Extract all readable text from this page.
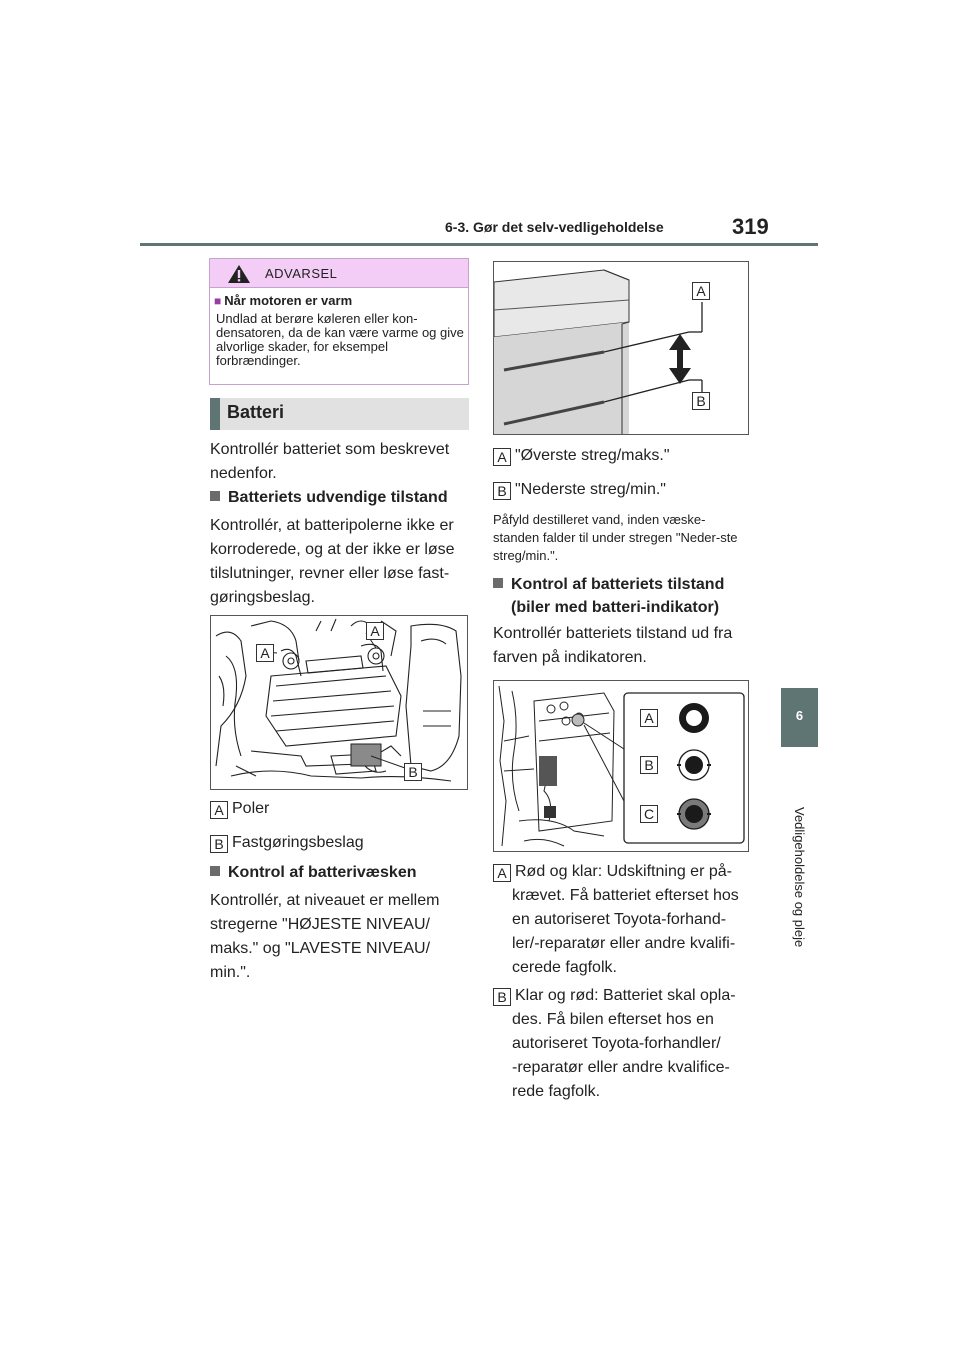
6-3. Gør det selv-vedligeholdelse	319
6
Vedligeholdelse og pleje
ADVARSEL
■ Når motoren er varm
Undlad at berøre køleren eller kon-densatoren, da de kan være varme og give alvorlige skader, for eksempel forbrændinger.
Batteri
Kontrollér batteriet som beskrevet nedenfor.
Batteriets udvendige tilstand
Kontrollér, at batteripolerne ikke er korroderede, og at der ikke er løse tilslutninger, revner eller løse fast-gøringsbeslag.
A
A
B
A Poler
B Fastgøringsbeslag
Kontrol af batterivæsken
Kontrollér, at niveauet er mellem stregerne "HØJESTE NIVEAU/ maks." og "LAVESTE NIVEAU/ min.".
A
B
A "Øverste streg/maks."
B "Nederste streg/min."
Påfyld destilleret vand, inden væske-standen falder til under stregen "Neder-ste streg/min.".
Kontrol af batteriets tilstand
(biler med batteri-indikator)
Kontrollér batteriets tilstand ud fra farven på indikatoren.
A
B
C
A Rød og klar: Udskiftning er på-
krævet. Få batteriet efterset hos
en autoriseret Toyota-forhand-
ler/-reparatør eller andre kvalifi-
cerede fagfolk.
B Klar og rød: Batteriet skal opla-
des. Få bilen efterset hos en
autoriseret Toyota-forhandler/
-reparatør eller andre kvalifice-
rede fagfolk.
